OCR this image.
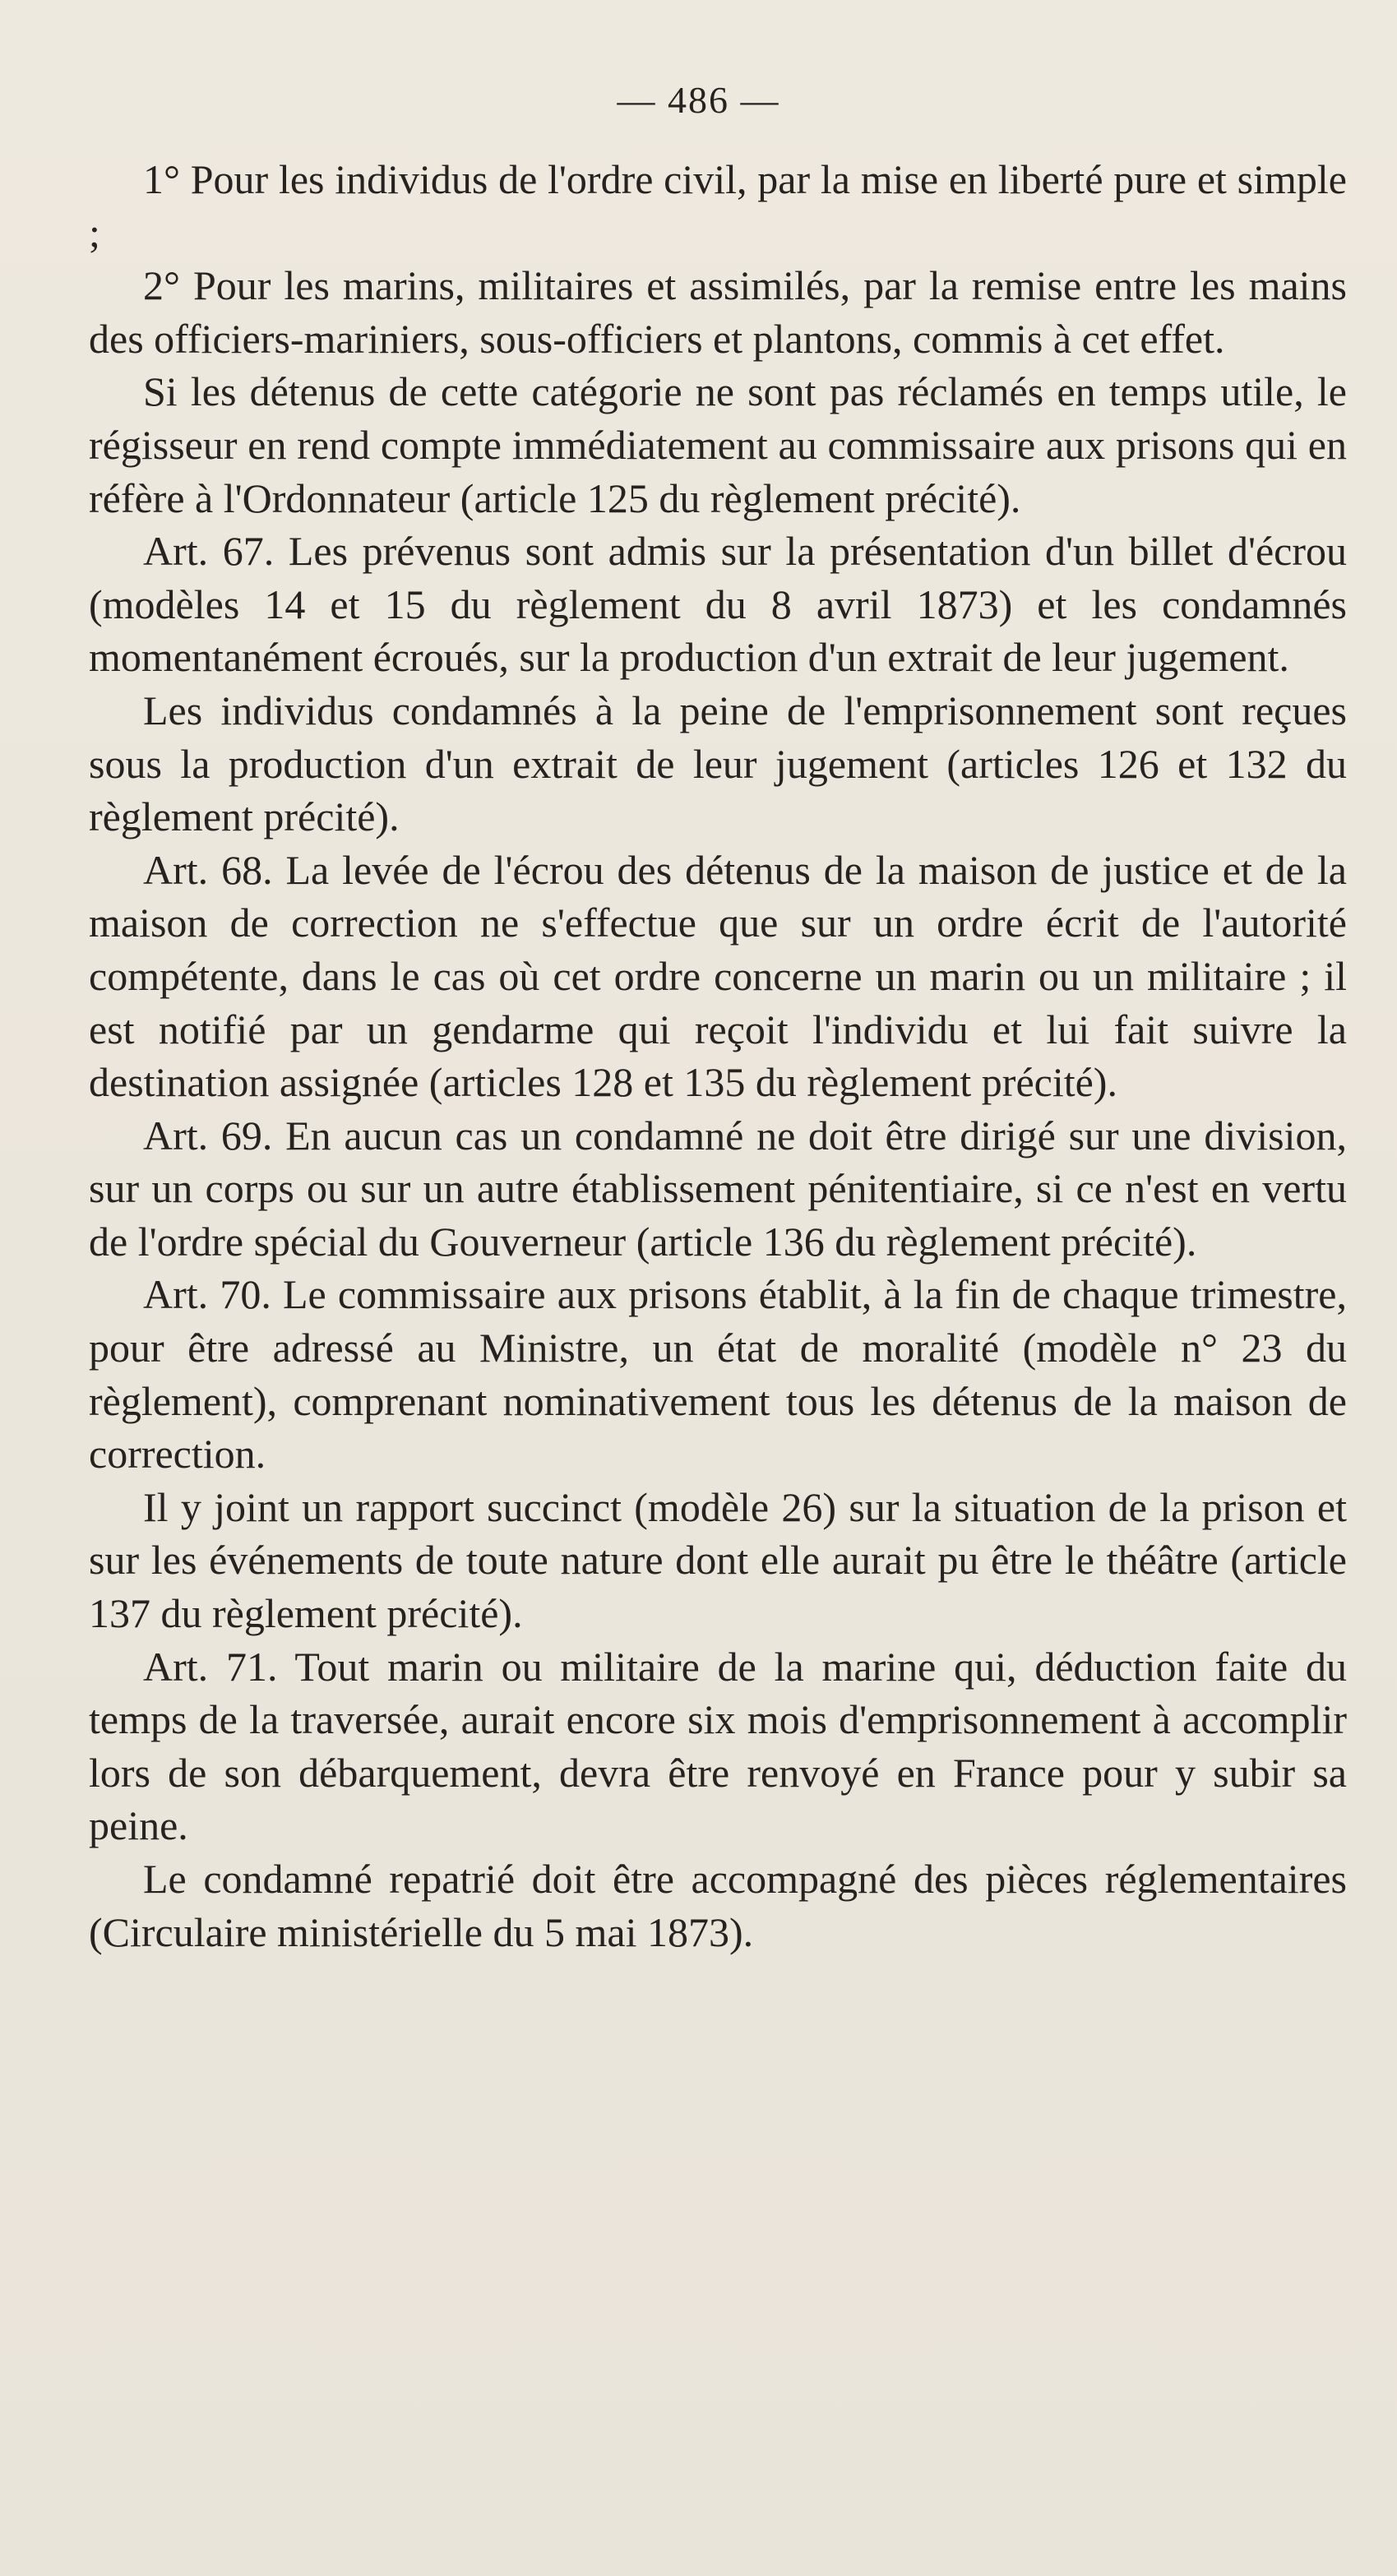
— 486 —

1° Pour les individus de l'ordre civil, par la mise en liberté pure et simple ;

2° Pour les marins, militaires et assimilés, par la remise entre les mains des officiers-mariniers, sous-officiers et plantons, commis à cet effet.

Si les détenus de cette catégorie ne sont pas réclamés en temps utile, le régisseur en rend compte immédiatement au commissaire aux prisons qui en réfère à l'Ordonnateur (article 125 du règlement précité).

Art. 67. Les prévenus sont admis sur la présentation d'un billet d'écrou (modèles 14 et 15 du règlement du 8 avril 1873) et les condamnés momentanément écroués, sur la production d'un extrait de leur jugement.

Les individus condamnés à la peine de l'emprisonnement sont reçues sous la production d'un extrait de leur jugement (articles 126 et 132 du règlement précité).

Art. 68. La levée de l'écrou des détenus de la maison de justice et de la maison de correction ne s'effectue que sur un ordre écrit de l'autorité compétente, dans le cas où cet ordre concerne un marin ou un militaire ; il est notifié par un gendarme qui reçoit l'individu et lui fait suivre la destination assignée (articles 128 et 135 du règlement précité).

Art. 69. En aucun cas un condamné ne doit être dirigé sur une division, sur un corps ou sur un autre établissement pénitentiaire, si ce n'est en vertu de l'ordre spécial du Gouverneur (article 136 du règlement précité).

Art. 70. Le commissaire aux prisons établit, à la fin de chaque trimestre, pour être adressé au Ministre, un état de moralité (modèle n° 23 du règlement), comprenant nominativement tous les détenus de la maison de correction.

Il y joint un rapport succinct (modèle 26) sur la situation de la prison et sur les événements de toute nature dont elle aurait pu être le théâtre (article 137 du règlement précité).

Art. 71. Tout marin ou militaire de la marine qui, déduction faite du temps de la traversée, aurait encore six mois d'emprisonnement à accomplir lors de son débarquement, devra être renvoyé en France pour y subir sa peine.

Le condamné repatrié doit être accompagné des pièces réglementaires (Circulaire ministérielle du 5 mai 1873).
